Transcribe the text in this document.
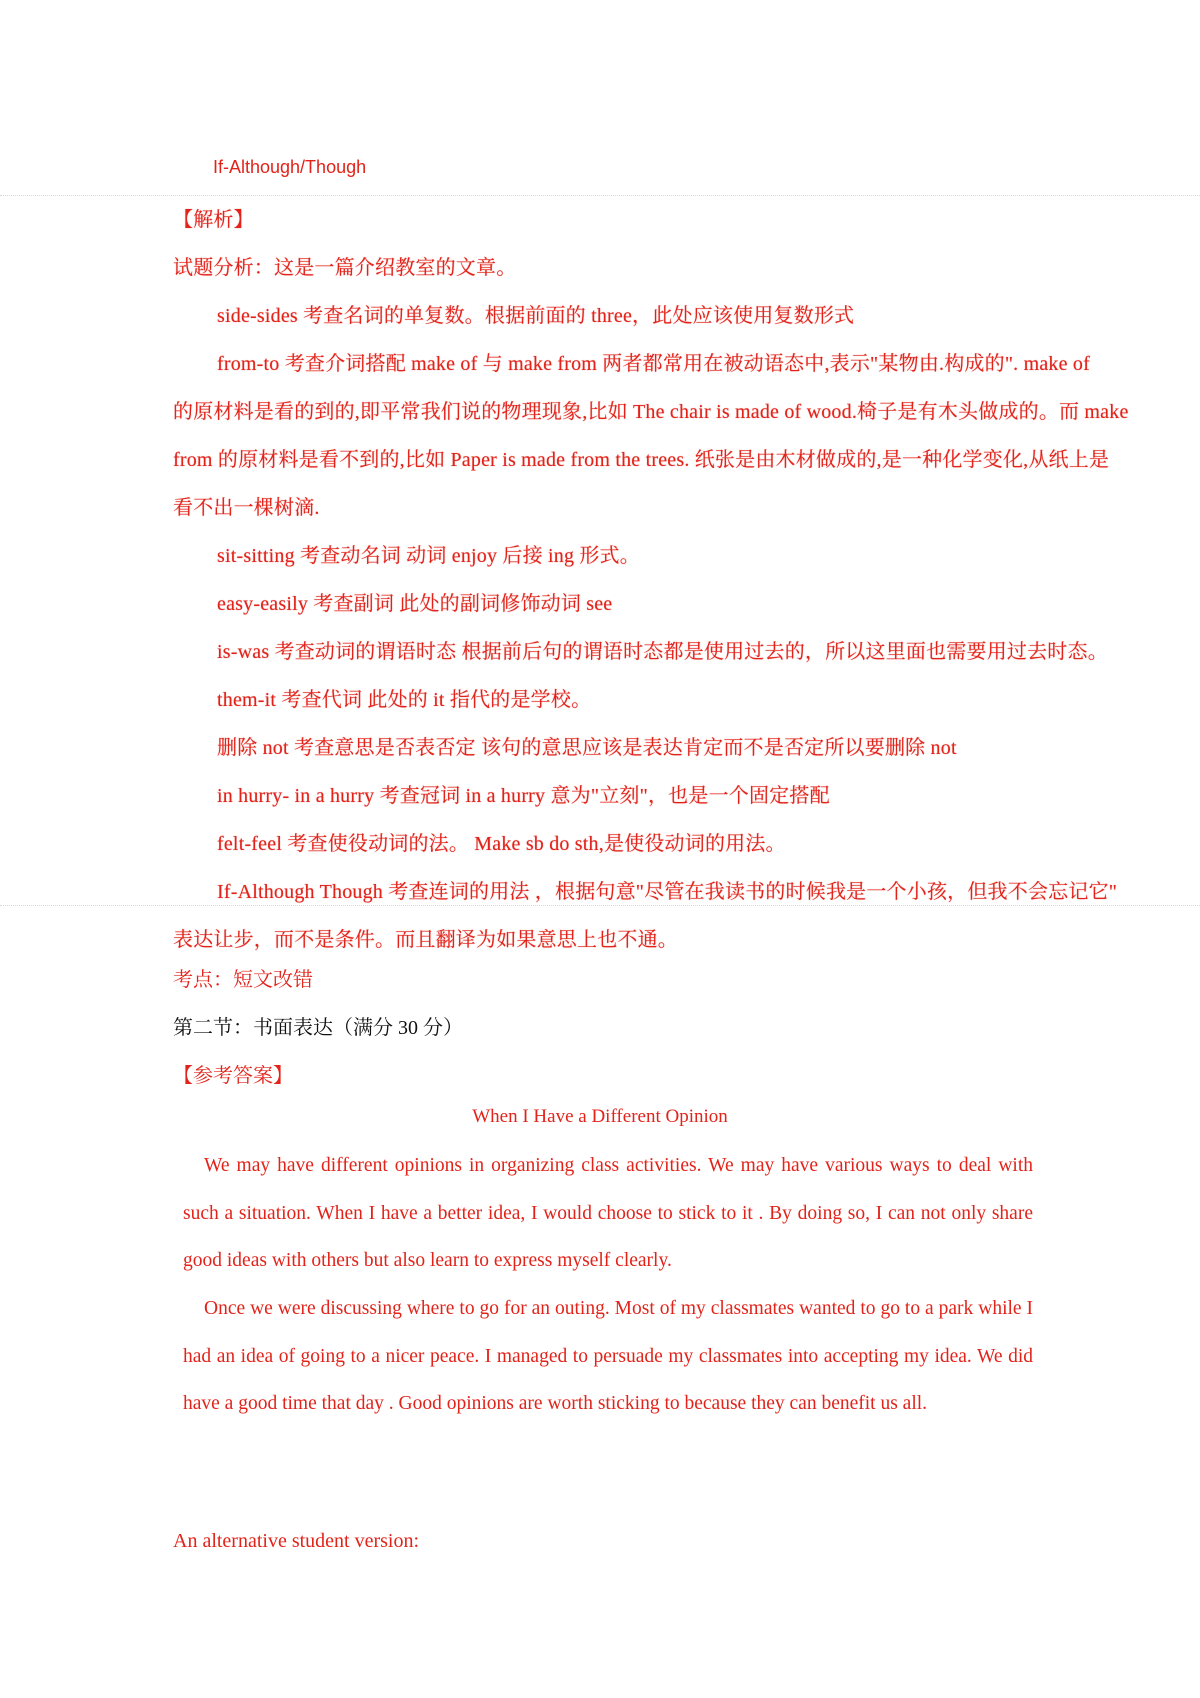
If-Although/Though
【解析】
试题分析：这是一篇介绍教室的文章。
side-sides 考查名词的单复数。根据前面的 three，此处应该使用复数形式
from-to 考查介词搭配 make of 与 make from 两者都常用在被动语态中,表示"某物由.构成的". make of
的原材料是看的到的,即平常我们说的物理现象,比如 The chair is made of wood.椅子是有木头做成的。而 make
from 的原材料是看不到的,比如 Paper is made from the trees. 纸张是由木材做成的,是一种化学变化,从纸上是
看不出一棵树滴.
sit-sitting 考查动名词 动词 enjoy 后接 ing 形式。
easy-easily 考查副词 此处的副词修饰动词 see
is-was 考查动词的谓语时态 根据前后句的谓语时态都是使用过去的，所以这里面也需要用过去时态。
them-it 考查代词 此处的 it 指代的是学校。
删除 not 考查意思是否表否定 该句的意思应该是表达肯定而不是否定所以要删除 not
in hurry- in a hurry 考查冠词 in a hurry 意为"立刻"，也是一个固定搭配
felt-feel 考查使役动词的法。 Make sb do sth,是使役动词的用法。
If-Although Though 考查连词的用法 ，根据句意"尽管在我读书的时候我是一个小孩，但我不会忘记它"
表达让步，而不是条件。而且翻译为如果意思上也不通。
考点：短文改错
第二节：书面表达（满分 30 分）
【参考答案】
When I Have a Different Opinion
We may have different opinions in organizing class activities. We may have various ways to deal with such a situation. When I have a better idea, I would choose to stick to it . By doing so, I can not only share good ideas with others but also learn to express myself clearly.
Once we were discussing where to go for an outing. Most of my classmates wanted to go to a park while I had an idea of going to a nicer peace. I managed to persuade my classmates into accepting my idea. We did have a good time that day . Good opinions are worth sticking to because they can benefit us all.
An alternative student version:
